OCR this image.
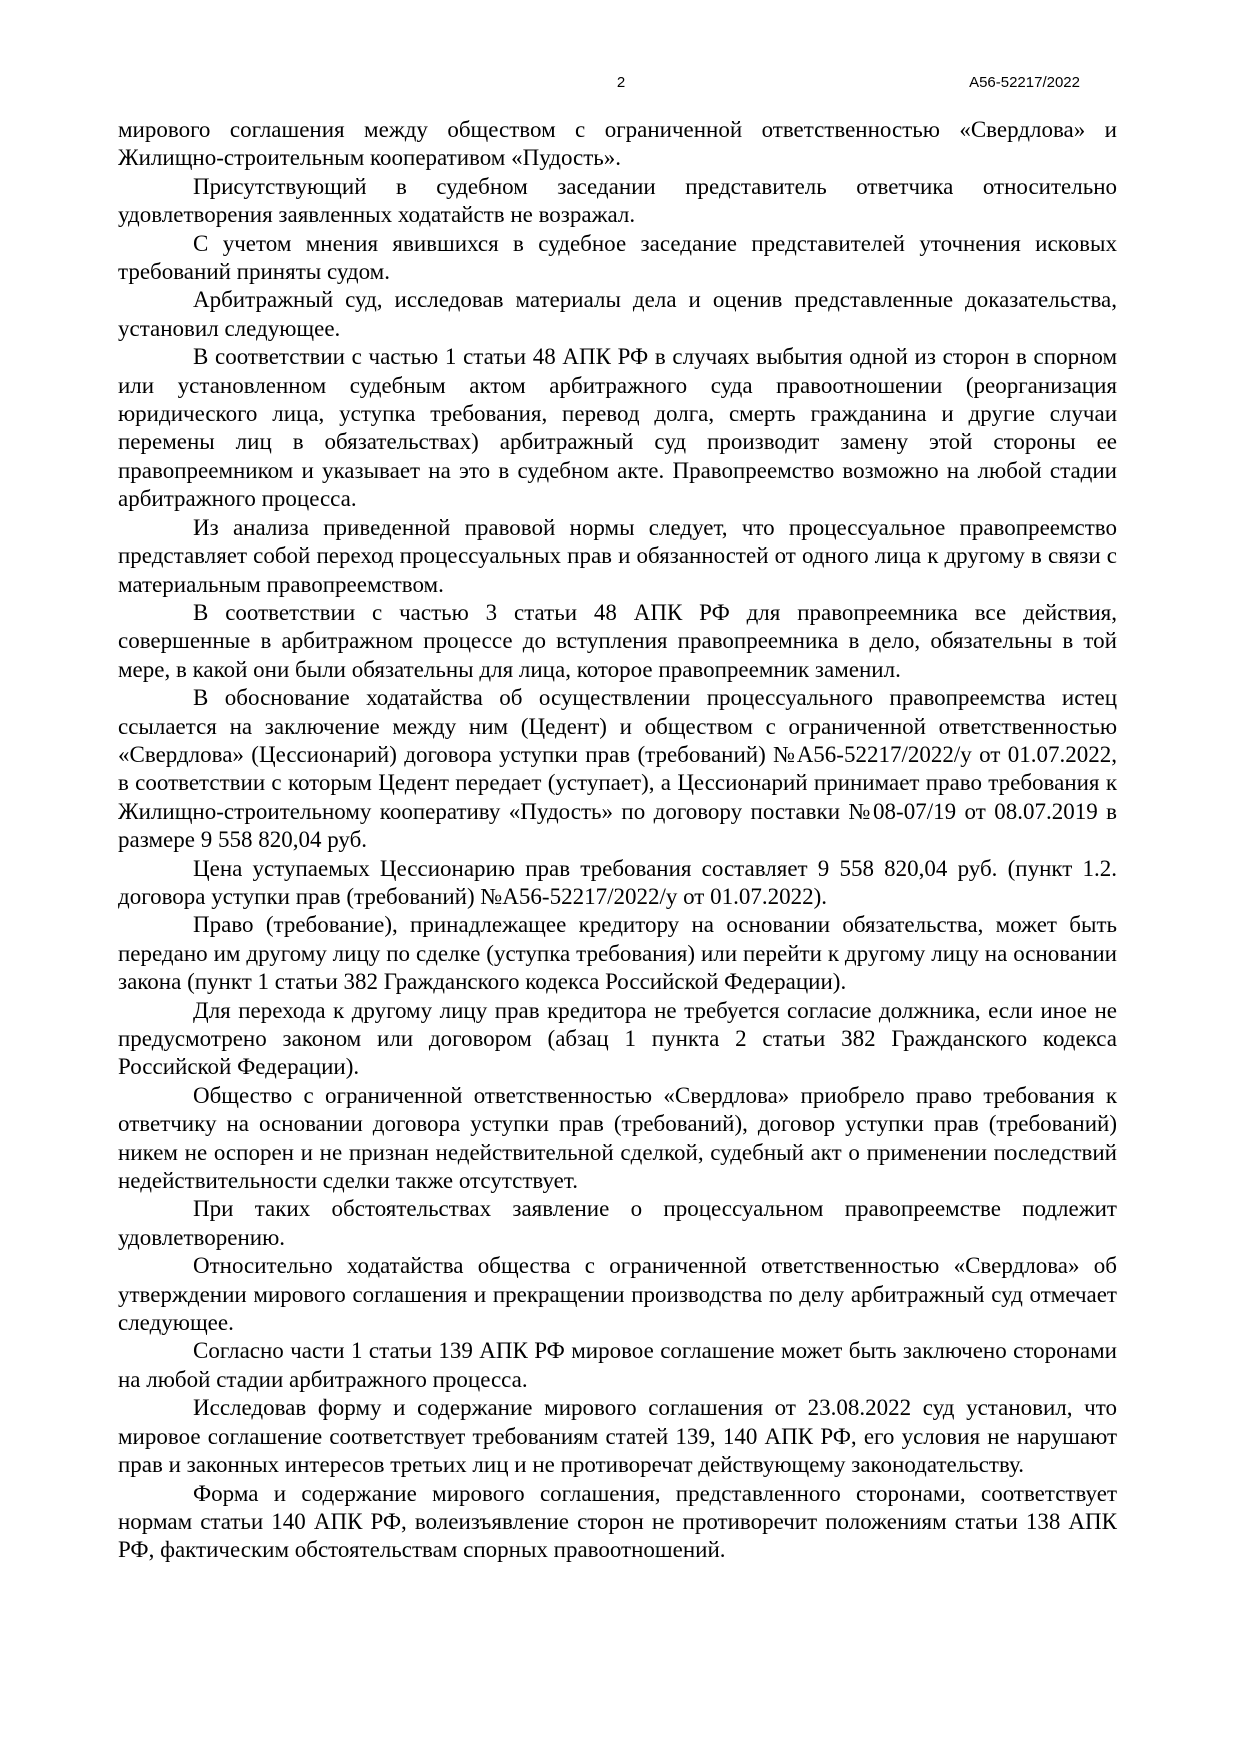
2	А56-52217/2022

мирового соглашения между обществом с ограниченной ответственностью «Свердлова» и Жилищно-строительным кооперативом «Пудость».

Присутствующий в судебном заседании представитель ответчика относительно удовлетворения заявленных ходатайств не возражал.

С учетом мнения явившихся в судебное заседание представителей уточнения исковых требований приняты судом.

Арбитражный суд, исследовав материалы дела и оценив представленные доказательства, установил следующее.

В соответствии с частью 1 статьи 48 АПК РФ в случаях выбытия одной из сторон в спорном или установленном судебным актом арбитражного суда правоотношении (реорганизация юридического лица, уступка требования, перевод долга, смерть гражданина и другие случаи перемены лиц в обязательствах) арбитражный суд производит замену этой стороны ее правопреемником и указывает на это в судебном акте. Правопреемство возможно на любой стадии арбитражного процесса.

Из анализа приведенной правовой нормы следует, что процессуальное правопреемство представляет собой переход процессуальных прав и обязанностей от одного лица к другому в связи с материальным правопреемством.

В соответствии с частью 3 статьи 48 АПК РФ для правопреемника все действия, совершенные в арбитражном процессе до вступления правопреемника в дело, обязательны в той мере, в какой они были обязательны для лица, которое правопреемник заменил.

В обоснование ходатайства об осуществлении процессуального правопреемства истец ссылается на заключение между ним (Цедент) и обществом с ограниченной ответственностью «Свердлова» (Цессионарий) договора уступки прав (требований) №А56-52217/2022/у от 01.07.2022, в соответствии с которым Цедент передает (уступает), а Цессионарий принимает право требования к Жилищно-строительному кооперативу «Пудость» по договору поставки №08-07/19 от 08.07.2019 в размере 9 558 820,04 руб.

Цена уступаемых Цессионарию прав требования составляет 9 558 820,04 руб. (пункт 1.2. договора уступки прав (требований) №А56-52217/2022/у от 01.07.2022).

Право (требование), принадлежащее кредитору на основании обязательства, может быть передано им другому лицу по сделке (уступка требования) или перейти к другому лицу на основании закона (пункт 1 статьи 382 Гражданского кодекса Российской Федерации).

Для перехода к другому лицу прав кредитора не требуется согласие должника, если иное не предусмотрено законом или договором (абзац 1 пункта 2 статьи 382 Гражданского кодекса Российской Федерации).

Общество с ограниченной ответственностью «Свердлова» приобрело право требования к ответчику на основании договора уступки прав (требований), договор уступки прав (требований) никем не оспорен и не признан недействительной сделкой, судебный акт о применении последствий недействительности сделки также отсутствует.

При таких обстоятельствах заявление о процессуальном правопреемстве подлежит удовлетворению.

Относительно ходатайства общества с ограниченной ответственностью «Свердлова» об утверждении мирового соглашения и прекращении производства по делу арбитражный суд отмечает следующее.

Согласно части 1 статьи 139 АПК РФ мировое соглашение может быть заключено сторонами на любой стадии арбитражного процесса.

Исследовав форму и содержание мирового соглашения от 23.08.2022 суд установил, что мировое соглашение соответствует требованиям статей 139, 140 АПК РФ, его условия не нарушают прав и законных интересов третьих лиц и не противоречат действующему законодательству.

Форма и содержание мирового соглашения, представленного сторонами, соответствует нормам статьи 140 АПК РФ, волеизъявление сторон не противоречит положениям статьи 138 АПК РФ, фактическим обстоятельствам спорных правоотношений.
